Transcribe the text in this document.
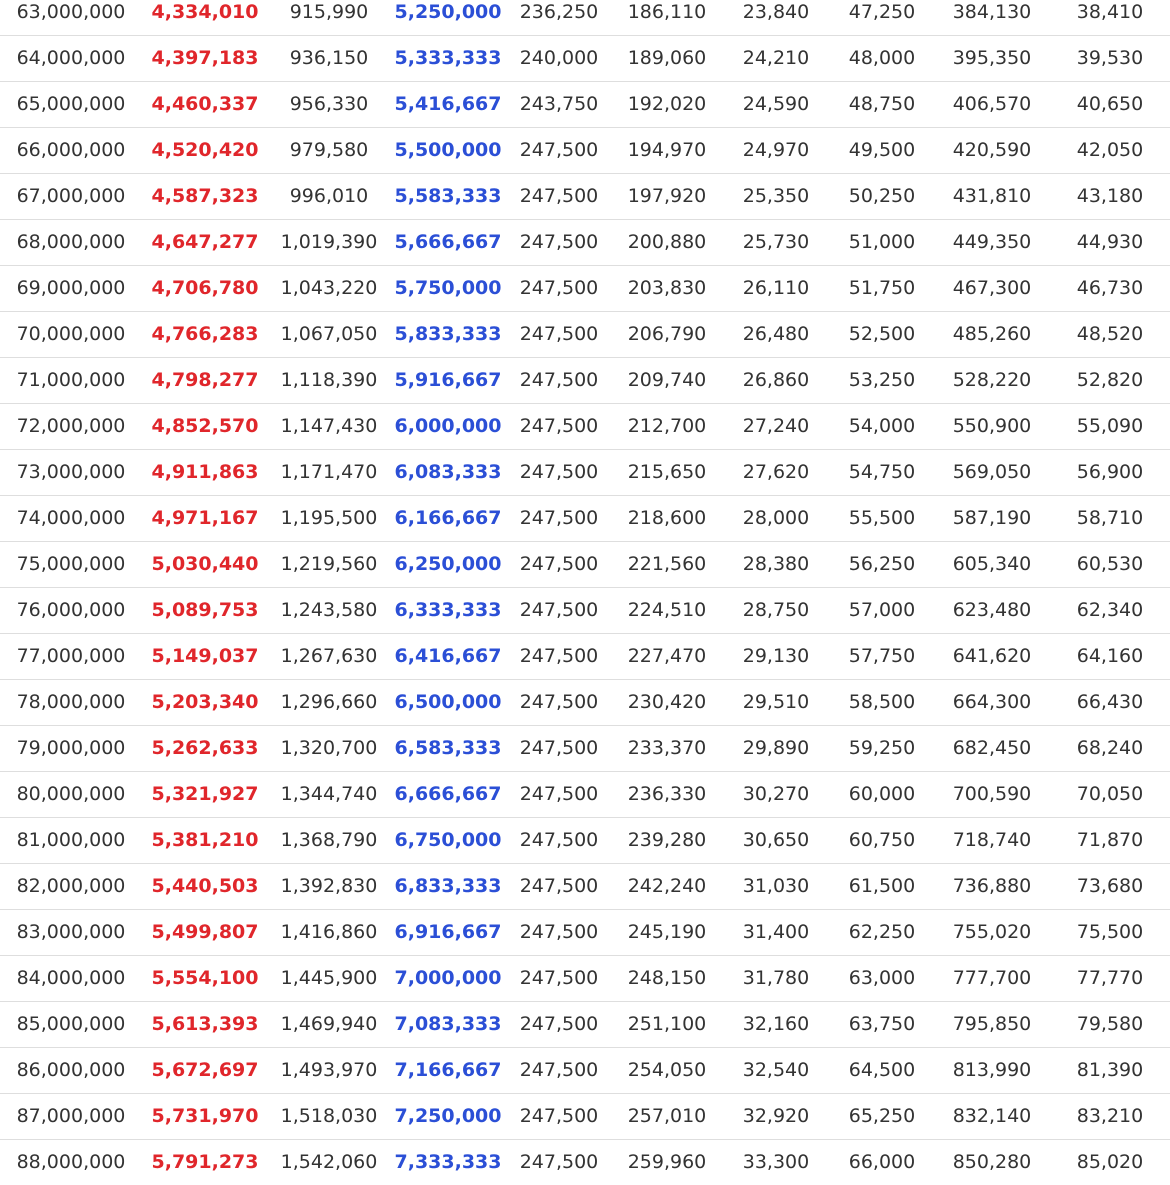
63,000,000	4,334,010	915,990	5,250,000	236,250	186,110	23,840	47,250	384,130	38,410
64,000,000	4,397,183	936,150	5,333,333	240,000	189,060	24,210	48,000	395,350	39,530
65,000,000	4,460,337	956,330	5,416,667	243,750	192,020	24,590	48,750	406,570	40,650
66,000,000	4,520,420	979,580	5,500,000	247,500	194,970	24,970	49,500	420,590	42,050
67,000,000	4,587,323	996,010	5,583,333	247,500	197,920	25,350	50,250	431,810	43,180
68,000,000	4,647,277	1,019,390	5,666,667	247,500	200,880	25,730	51,000	449,350	44,930
69,000,000	4,706,780	1,043,220	5,750,000	247,500	203,830	26,110	51,750	467,300	46,730
70,000,000	4,766,283	1,067,050	5,833,333	247,500	206,790	26,480	52,500	485,260	48,520
71,000,000	4,798,277	1,118,390	5,916,667	247,500	209,740	26,860	53,250	528,220	52,820
72,000,000	4,852,570	1,147,430	6,000,000	247,500	212,700	27,240	54,000	550,900	55,090
73,000,000	4,911,863	1,171,470	6,083,333	247,500	215,650	27,620	54,750	569,050	56,900
74,000,000	4,971,167	1,195,500	6,166,667	247,500	218,600	28,000	55,500	587,190	58,710
75,000,000	5,030,440	1,219,560	6,250,000	247,500	221,560	28,380	56,250	605,340	60,530
76,000,000	5,089,753	1,243,580	6,333,333	247,500	224,510	28,750	57,000	623,480	62,340
77,000,000	5,149,037	1,267,630	6,416,667	247,500	227,470	29,130	57,750	641,620	64,160
78,000,000	5,203,340	1,296,660	6,500,000	247,500	230,420	29,510	58,500	664,300	66,430
79,000,000	5,262,633	1,320,700	6,583,333	247,500	233,370	29,890	59,250	682,450	68,240
80,000,000	5,321,927	1,344,740	6,666,667	247,500	236,330	30,270	60,000	700,590	70,050
81,000,000	5,381,210	1,368,790	6,750,000	247,500	239,280	30,650	60,750	718,740	71,870
82,000,000	5,440,503	1,392,830	6,833,333	247,500	242,240	31,030	61,500	736,880	73,680
83,000,000	5,499,807	1,416,860	6,916,667	247,500	245,190	31,400	62,250	755,020	75,500
84,000,000	5,554,100	1,445,900	7,000,000	247,500	248,150	31,780	63,000	777,700	77,770
85,000,000	5,613,393	1,469,940	7,083,333	247,500	251,100	32,160	63,750	795,850	79,580
86,000,000	5,672,697	1,493,970	7,166,667	247,500	254,050	32,540	64,500	813,990	81,390
87,000,000	5,731,970	1,518,030	7,250,000	247,500	257,010	32,920	65,250	832,140	83,210
88,000,000	5,791,273	1,542,060	7,333,333	247,500	259,960	33,300	66,000	850,280	85,020
